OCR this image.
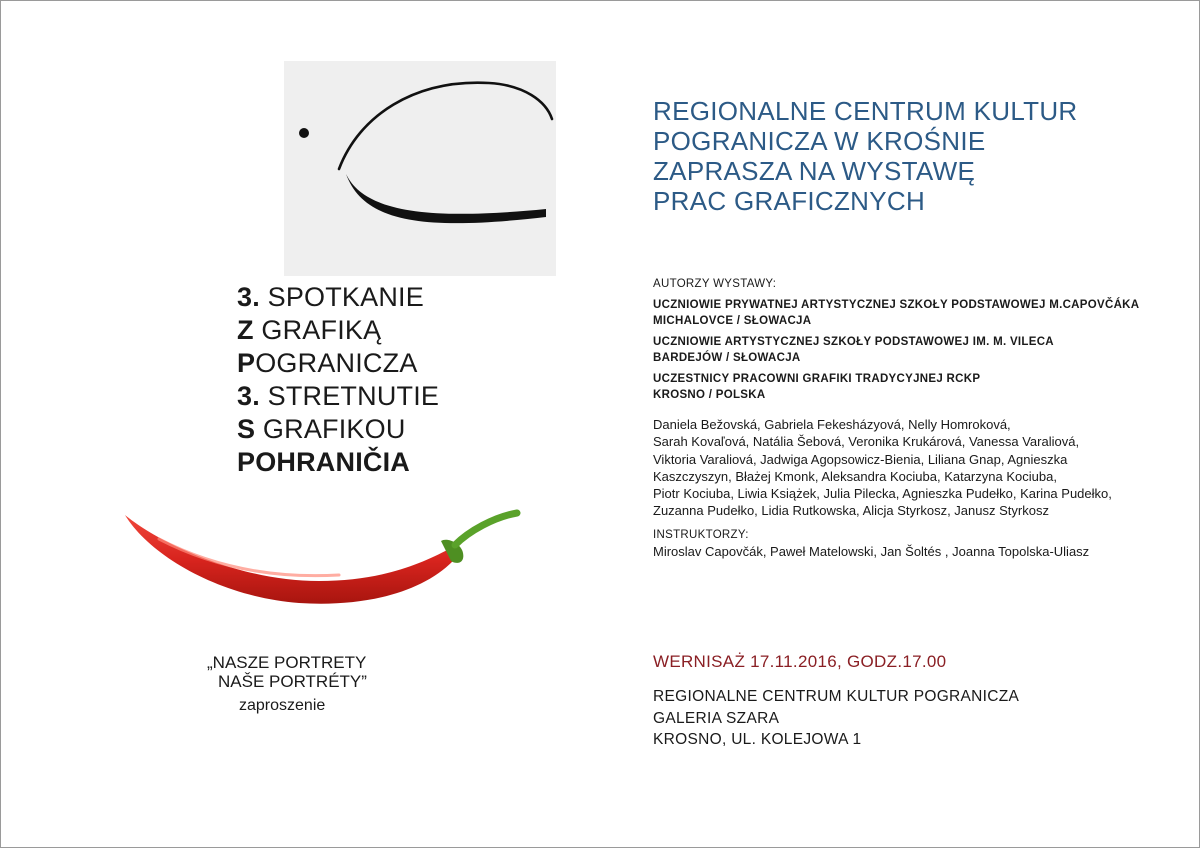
3. SPOTKANIE
Z GRAFIKĄ
POGRANICZA
3. STRETNUTIE
S GRAFIKOU
POHRANIČIA
„NASZE PORTRETY
NAŠE PORTRÉTY”
zaproszenie
REGIONALNE CENTRUM KULTUR
POGRANICZA W KROŚNIE
ZAPRASZA NA WYSTAWĘ
PRAC GRAFICZNYCH
AUTORZY WYSTAWY:
UCZNIOWIE PRYWATNEJ ARTYSTYCZNEJ SZKOŁY PODSTAWOWEJ M.CAPOVČÁKA
MICHALOVCE / SŁOWACJA
UCZNIOWIE ARTYSTYCZNEJ SZKOŁY PODSTAWOWEJ IM. M. VILECA
BARDEJÓW / SŁOWACJA
UCZESTNICY PRACOWNI GRAFIKI TRADYCYJNEJ RCKP
KROSNO / POLSKA
Daniela Bežovská, Gabriela Fekesházyová, Nelly Homroková,
Sarah Kovaľová, Natália Šebová, Veronika Krukárová, Vanessa Varaliová,
Viktoria Varaliová, Jadwiga Agopsowicz-Bienia, Liliana Gnap, Agnieszka
Kaszczyszyn, Błażej Kmonk, Aleksandra Kociuba, Katarzyna Kociuba,
Piotr Kociuba, Liwia Książek, Julia Pilecka, Agnieszka Pudełko, Karina Pudełko,
Zuzanna Pudełko, Lidia Rutkowska, Alicja Styrkosz, Janusz Styrkosz
INSTRUKTORZY:
Miroslav Capovčák, Paweł Matelowski, Jan Šoltés , Joanna Topolska-Uliasz
WERNISAŻ 17.11.2016, GODZ.17.00
REGIONALNE CENTRUM KULTUR POGRANICZA
GALERIA SZARA
KROSNO, UL. KOLEJOWA 1
